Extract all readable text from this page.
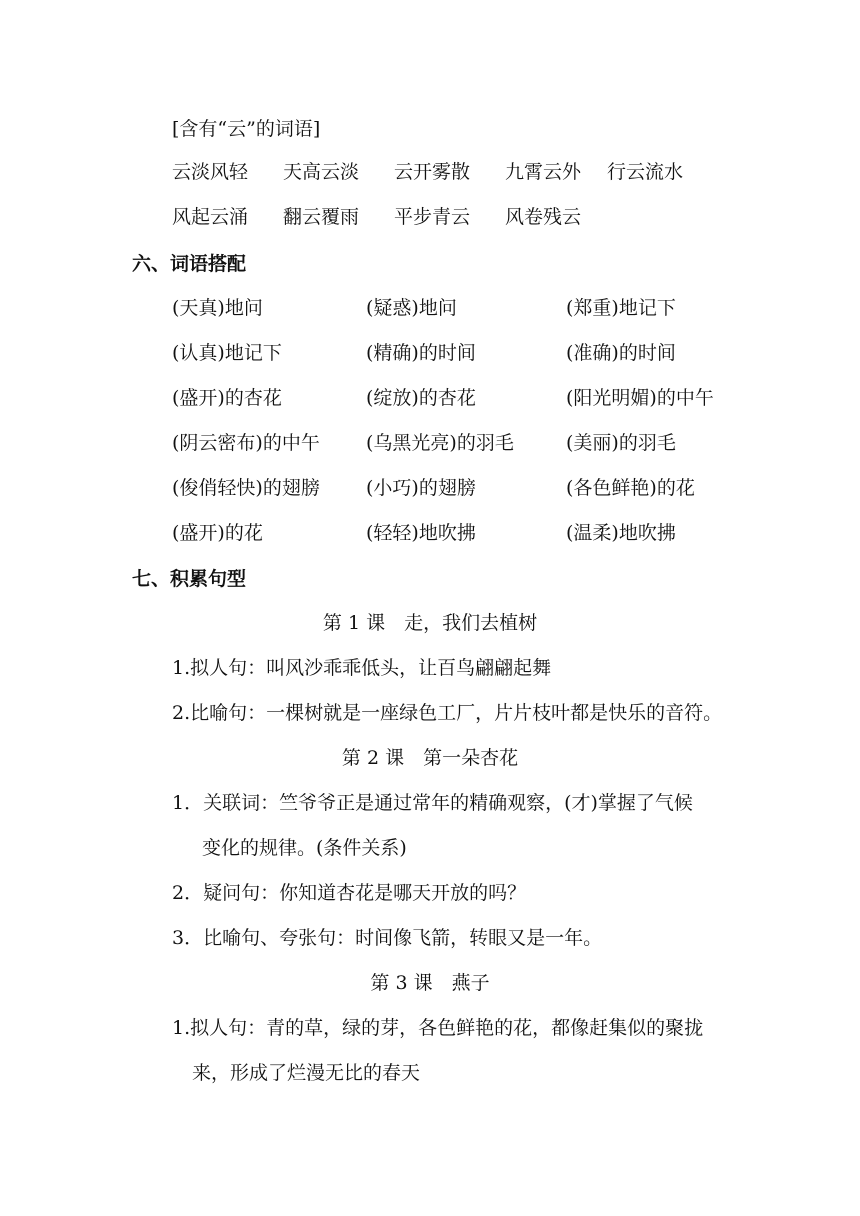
[含有“云”的词语]
云淡风轻 天高云淡 云开雾散 九霄云外 行云流水
风起云涌 翻云覆雨 平步青云 风卷残云
六、词语搭配
(天真)地问	(疑惑)地问	(郑重)地记下
(认真)地记下	(精确)的时间	(准确)的时间
(盛开)的杏花	(绽放)的杏花	(阳光明媚)的中午
(阴云密布)的中午 (乌黑光亮)的羽毛	(美丽)的羽毛
(俊俏轻快)的翅膀 (小巧)的翅膀	(各色鲜艳)的花
(盛开)的花	(轻轻)地吹拂	(温柔)地吹拂
七、积累句型
第 1 课　走，我们去植树
1.拟人句：叫风沙乖乖低头，让百鸟翩翩起舞
2.比喻句：一棵树就是一座绿色工厂，片片枝叶都是快乐的音符。
第 2 课　第一朵杏花
1．关联词：竺爷爷正是通过常年的精确观察，(才)掌握了气候
变化的规律。(条件关系)
2．疑问句：你知道杏花是哪天开放的吗？
3．比喻句、夸张句：时间像飞箭，转眼又是一年。
第 3 课　燕子
1.拟人句：青的草，绿的芽，各色鲜艳的花，都像赶集似的聚拢
来，形成了烂漫无比的春天
